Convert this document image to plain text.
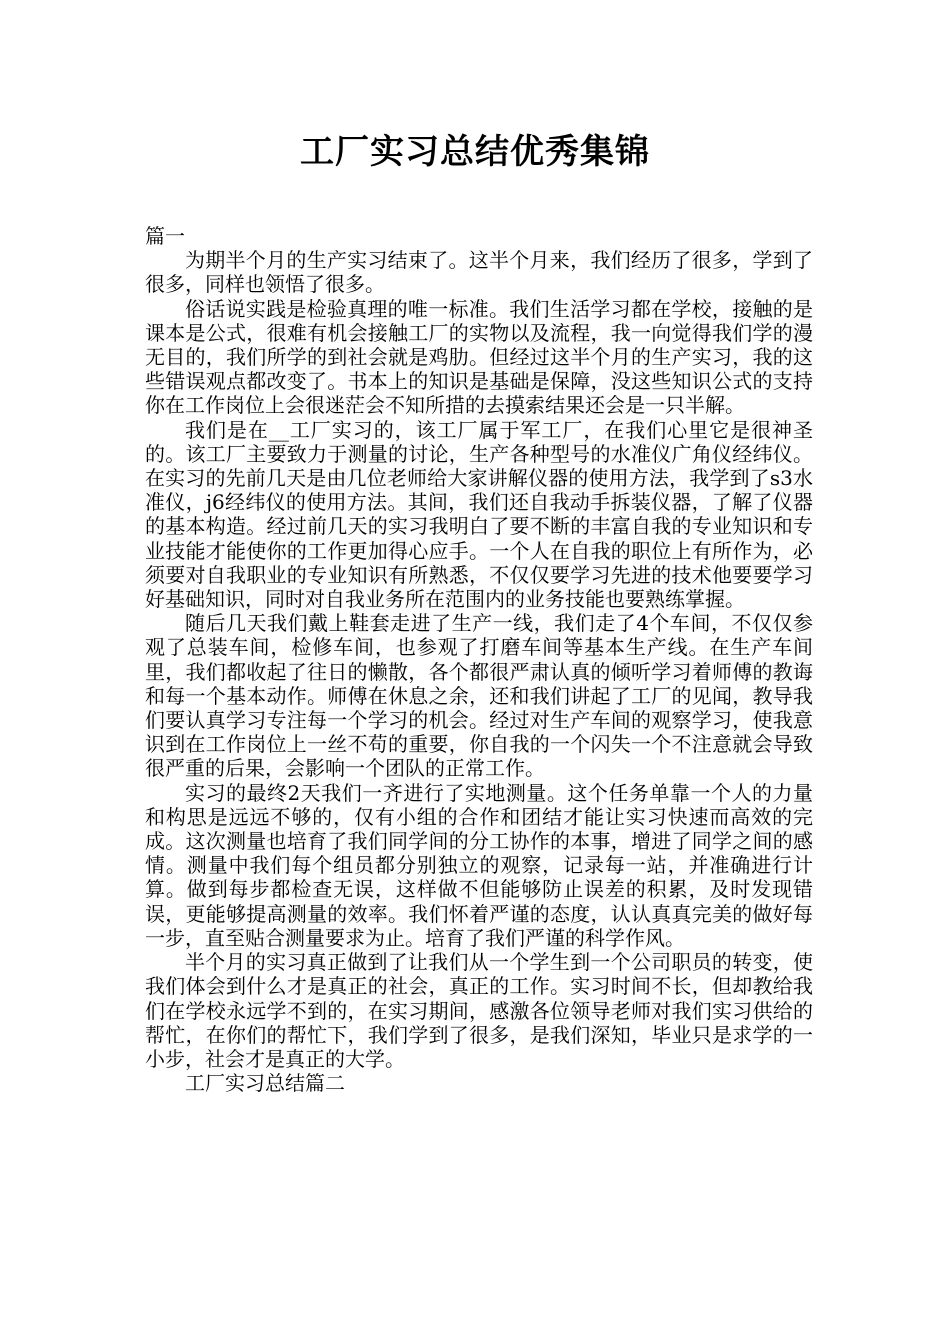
工厂实习总结优秀集锦

篇一

为期半个月的生产实习结束了。这半个月来，我们经历了很多，学到了很多，同样也领悟了很多。

俗话说实践是检验真理的唯一标准。我们生活学习都在学校，接触的是课本是公式，很难有机会接触工厂的实物以及流程，我一向觉得我们学的漫无目的，我们所学的到社会就是鸡肋。但经过这半个月的生产实习，我的这些错误观点都改变了。书本上的知识是基础是保障，没这些知识公式的支持你在工作岗位上会很迷茫会不知所措的去摸索结果还会是一只半解。

我们是在__工厂实习的，该工厂属于军工厂，在我们心里它是很神圣的。该工厂主要致力于测量的讨论，生产各种型号的水准仪广角仪经纬仪。在实习的先前几天是由几位老师给大家讲解仪器的使用方法，我学到了s3水准仪，j6经纬仪的使用方法。其间，我们还自我动手拆装仪器，了解了仪器的基本构造。经过前几天的实习我明白了要不断的丰富自我的专业知识和专业技能才能使你的工作更加得心应手。一个人在自我的职位上有所作为，必须要对自我职业的专业知识有所熟悉，不仅仅要学习先进的技术他要要学习好基础知识，同时对自我业务所在范围内的业务技能也要熟练掌握。

随后几天我们戴上鞋套走进了生产一线，我们走了4个车间，不仅仅参观了总装车间，检修车间，也参观了打磨车间等基本生产线。在生产车间里，我们都收起了往日的懒散，各个都很严肃认真的倾听学习着师傅的教诲和每一个基本动作。师傅在休息之余，还和我们讲起了工厂的见闻，教导我们要认真学习专注每一个学习的机会。经过对生产车间的观察学习，使我意识到在工作岗位上一丝不苟的重要，你自我的一个闪失一个不注意就会导致很严重的后果，会影响一个团队的正常工作。

实习的最终2天我们一齐进行了实地测量。这个任务单靠一个人的力量和构思是远远不够的，仅有小组的合作和团结才能让实习快速而高效的完成。这次测量也培育了我们同学间的分工协作的本事，增进了同学之间的感情。测量中我们每个组员都分别独立的观察，记录每一站，并准确进行计算。做到每步都检查无误，这样做不但能够防止误差的积累，及时发现错误，更能够提高测量的效率。我们怀着严谨的态度，认认真真完美的做好每一步，直至贴合测量要求为止。培育了我们严谨的科学作风。

半个月的实习真正做到了让我们从一个学生到一个公司职员的转变，使我们体会到什么才是真正的社会，真正的工作。实习时间不长，但却教给我们在学校永远学不到的，在实习期间，感激各位领导老师对我们实习供给的帮忙，在你们的帮忙下，我们学到了很多，是我们深知，毕业只是求学的一小步，社会才是真正的大学。

工厂实习总结篇二
